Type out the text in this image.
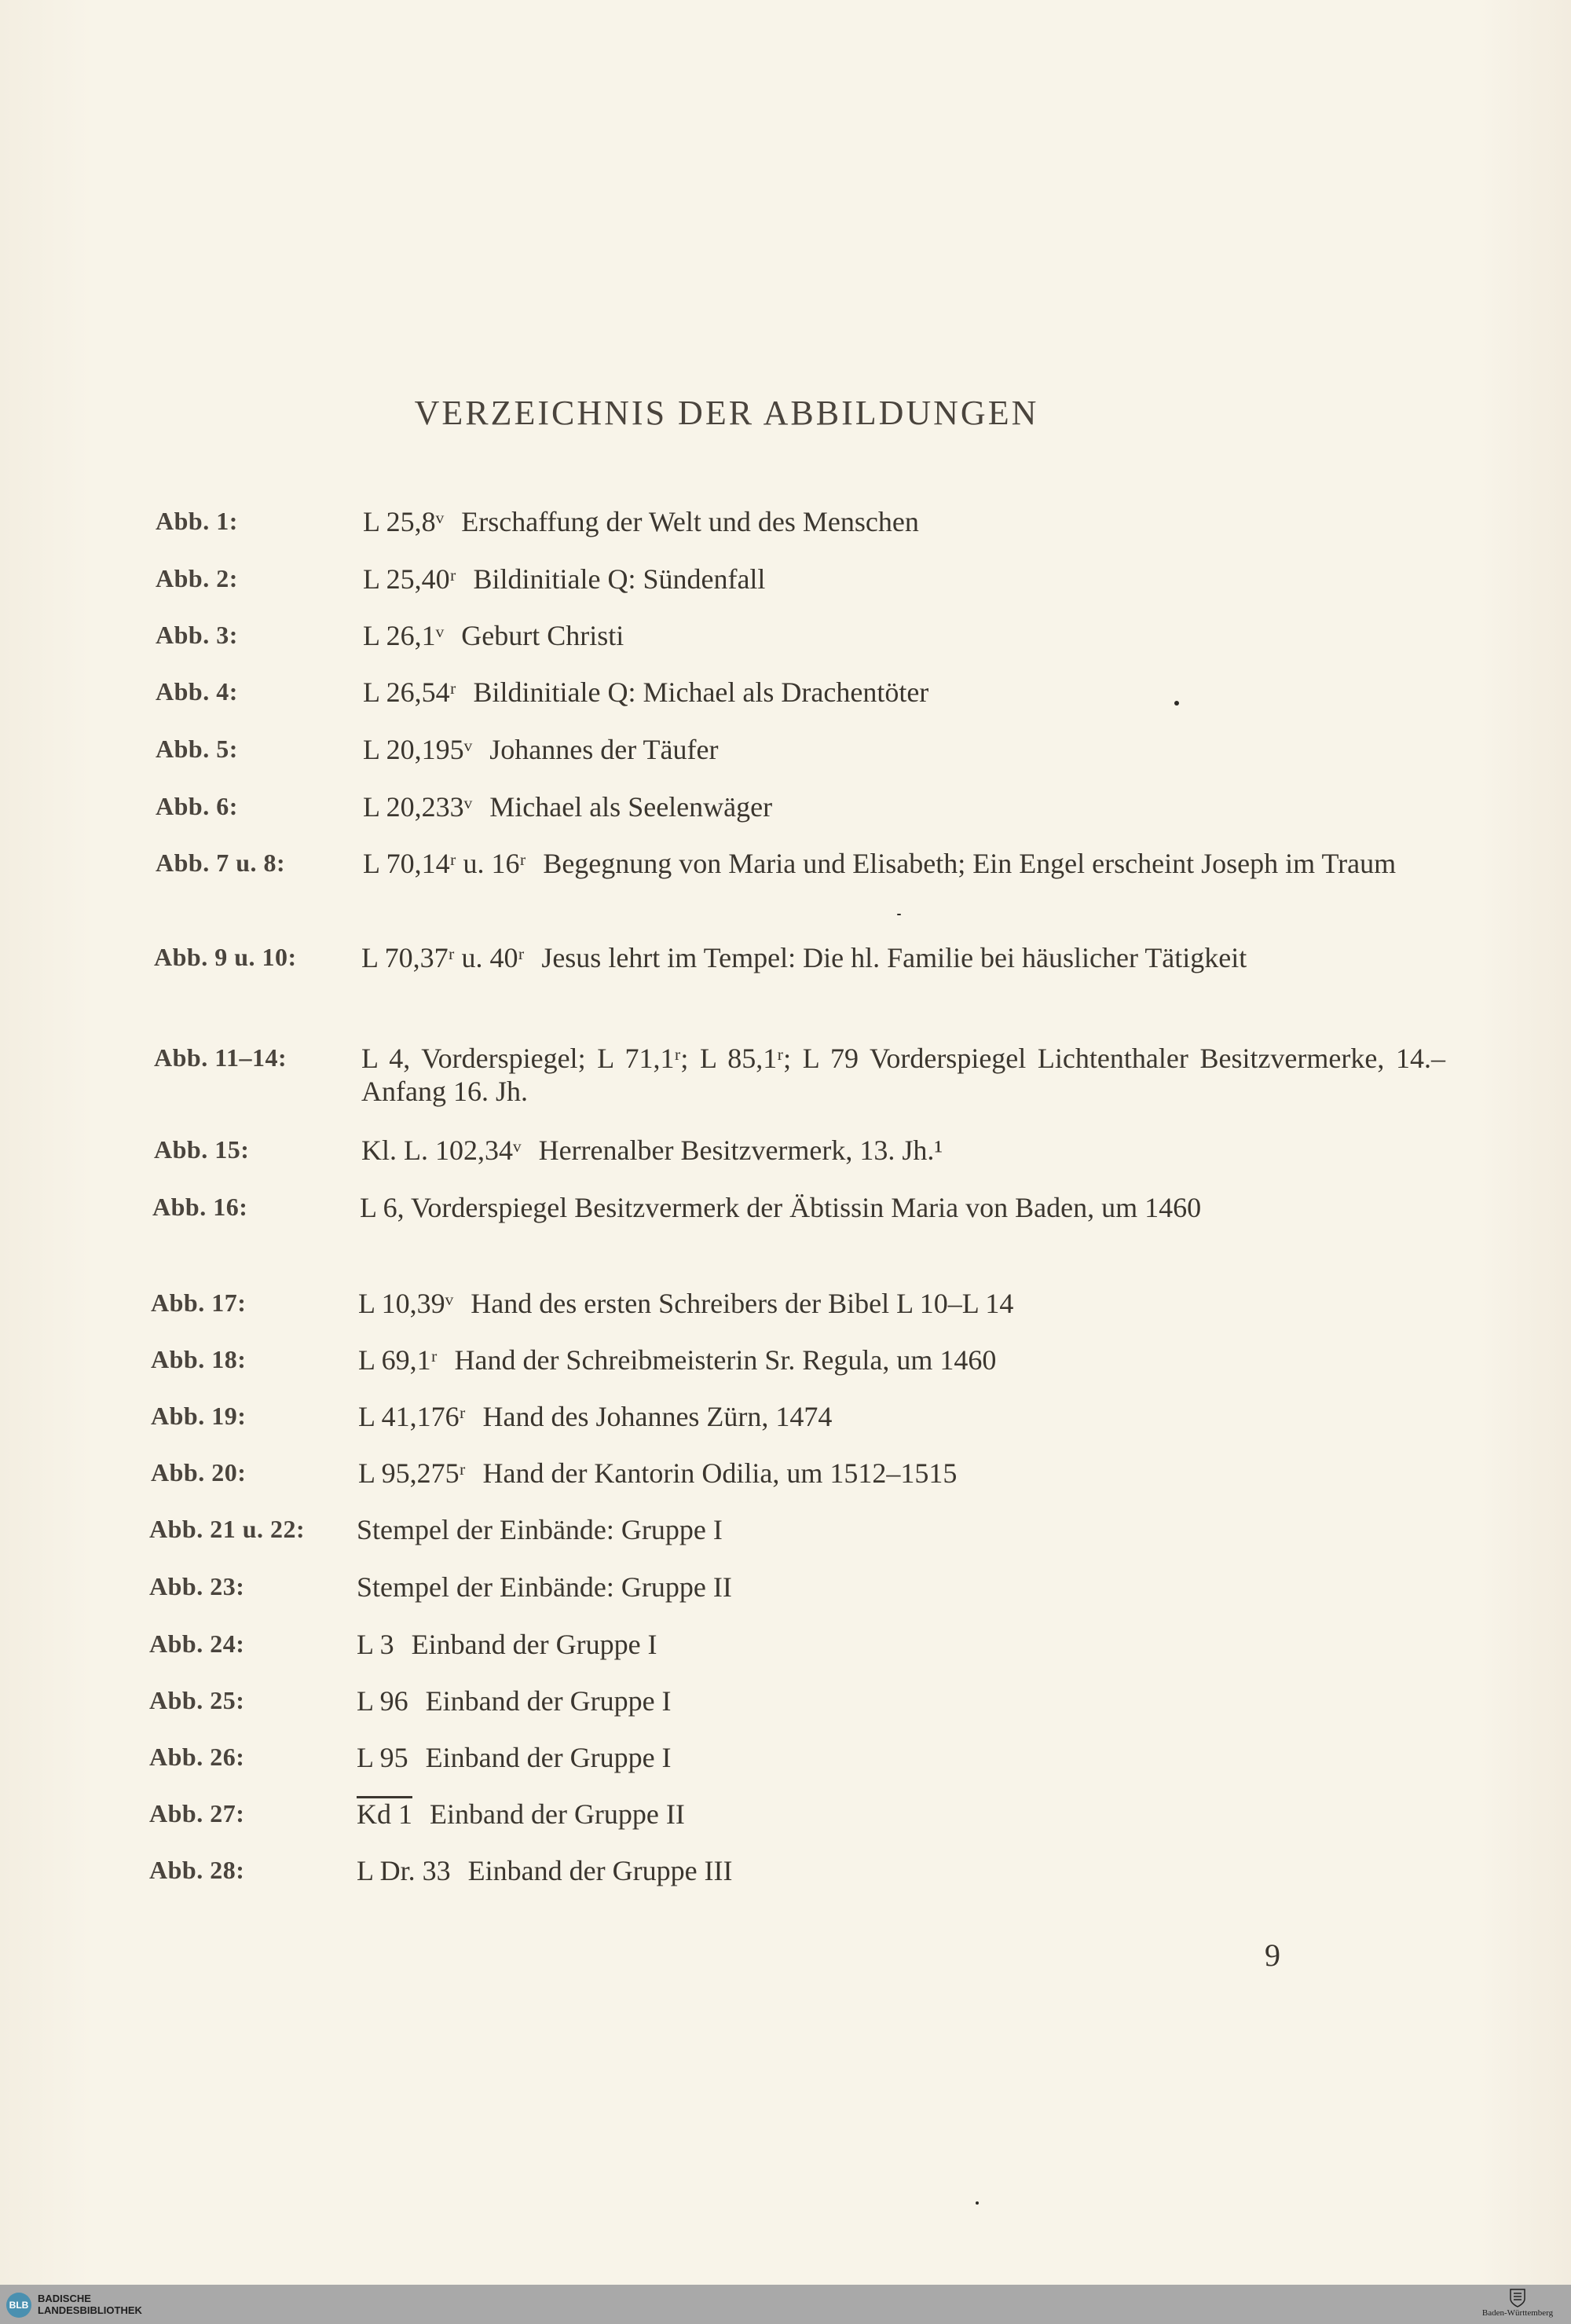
VERZEICHNIS DER ABBILDUNGEN
Abb. 1:	L 25,8ᵛ Erschaffung der Welt und des Menschen
Abb. 2:	L 25,40ʳ Bildinitiale Q: Sündenfall
Abb. 3:	L 26,1ᵛ Geburt Christi
Abb. 4:	L 26,54ʳ Bildinitiale Q: Michael als Drachentöter
Abb. 5:	L 20,195ᵛ Johannes der Täufer
Abb. 6:	L 20,233ᵛ Michael als Seelenwäger
Abb. 7 u. 8:	L 70,14ʳ u. 16ʳ Begegnung von Maria und Elisabeth; Ein Engel erscheint Joseph im Traum
Abb. 9 u. 10: L 70,37ʳ u. 40ʳ Jesus lehrt im Tempel: Die hl. Familie bei häuslicher Tätigkeit
Abb. 11–14:	L 4, Vorderspiegel; L 71,1ʳ; L 85,1ʳ; L 79 Vorderspiegel Lichtenthaler Besitzvermerke, 14.–Anfang 16. Jh.
Abb. 15:	Kl. L. 102,34ᵛ Herrenalber Besitzvermerk, 13. Jh.¹
Abb. 16:	L 6, Vorderspiegel Besitzvermerk der Äbtissin Maria von Baden, um 1460
Abb. 17:	L 10,39ᵛ Hand des ersten Schreibers der Bibel L 10–L 14
Abb. 18:	L 69,1ʳ Hand der Schreibmeisterin Sr. Regula, um 1460
Abb. 19:	L 41,176ʳ Hand des Johannes Zürn, 1474
Abb. 20:	L 95,275ʳ Hand der Kantorin Odilia, um 1512–1515
Abb. 21 u. 22: Stempel der Einbände: Gruppe I
Abb. 23:	Stempel der Einbände: Gruppe II
Abb. 24:	L 3 Einband der Gruppe I
Abb. 25:	L 96 Einband der Gruppe I
Abb. 26:	L 95 Einband der Gruppe I
Abb. 27:	Kd 1 Einband der Gruppe II
Abb. 28:	L Dr. 33 Einband der Gruppe III
9
BLB
BADISCHE
LANDESBIBLIOTHEK	Baden-Württemberg
